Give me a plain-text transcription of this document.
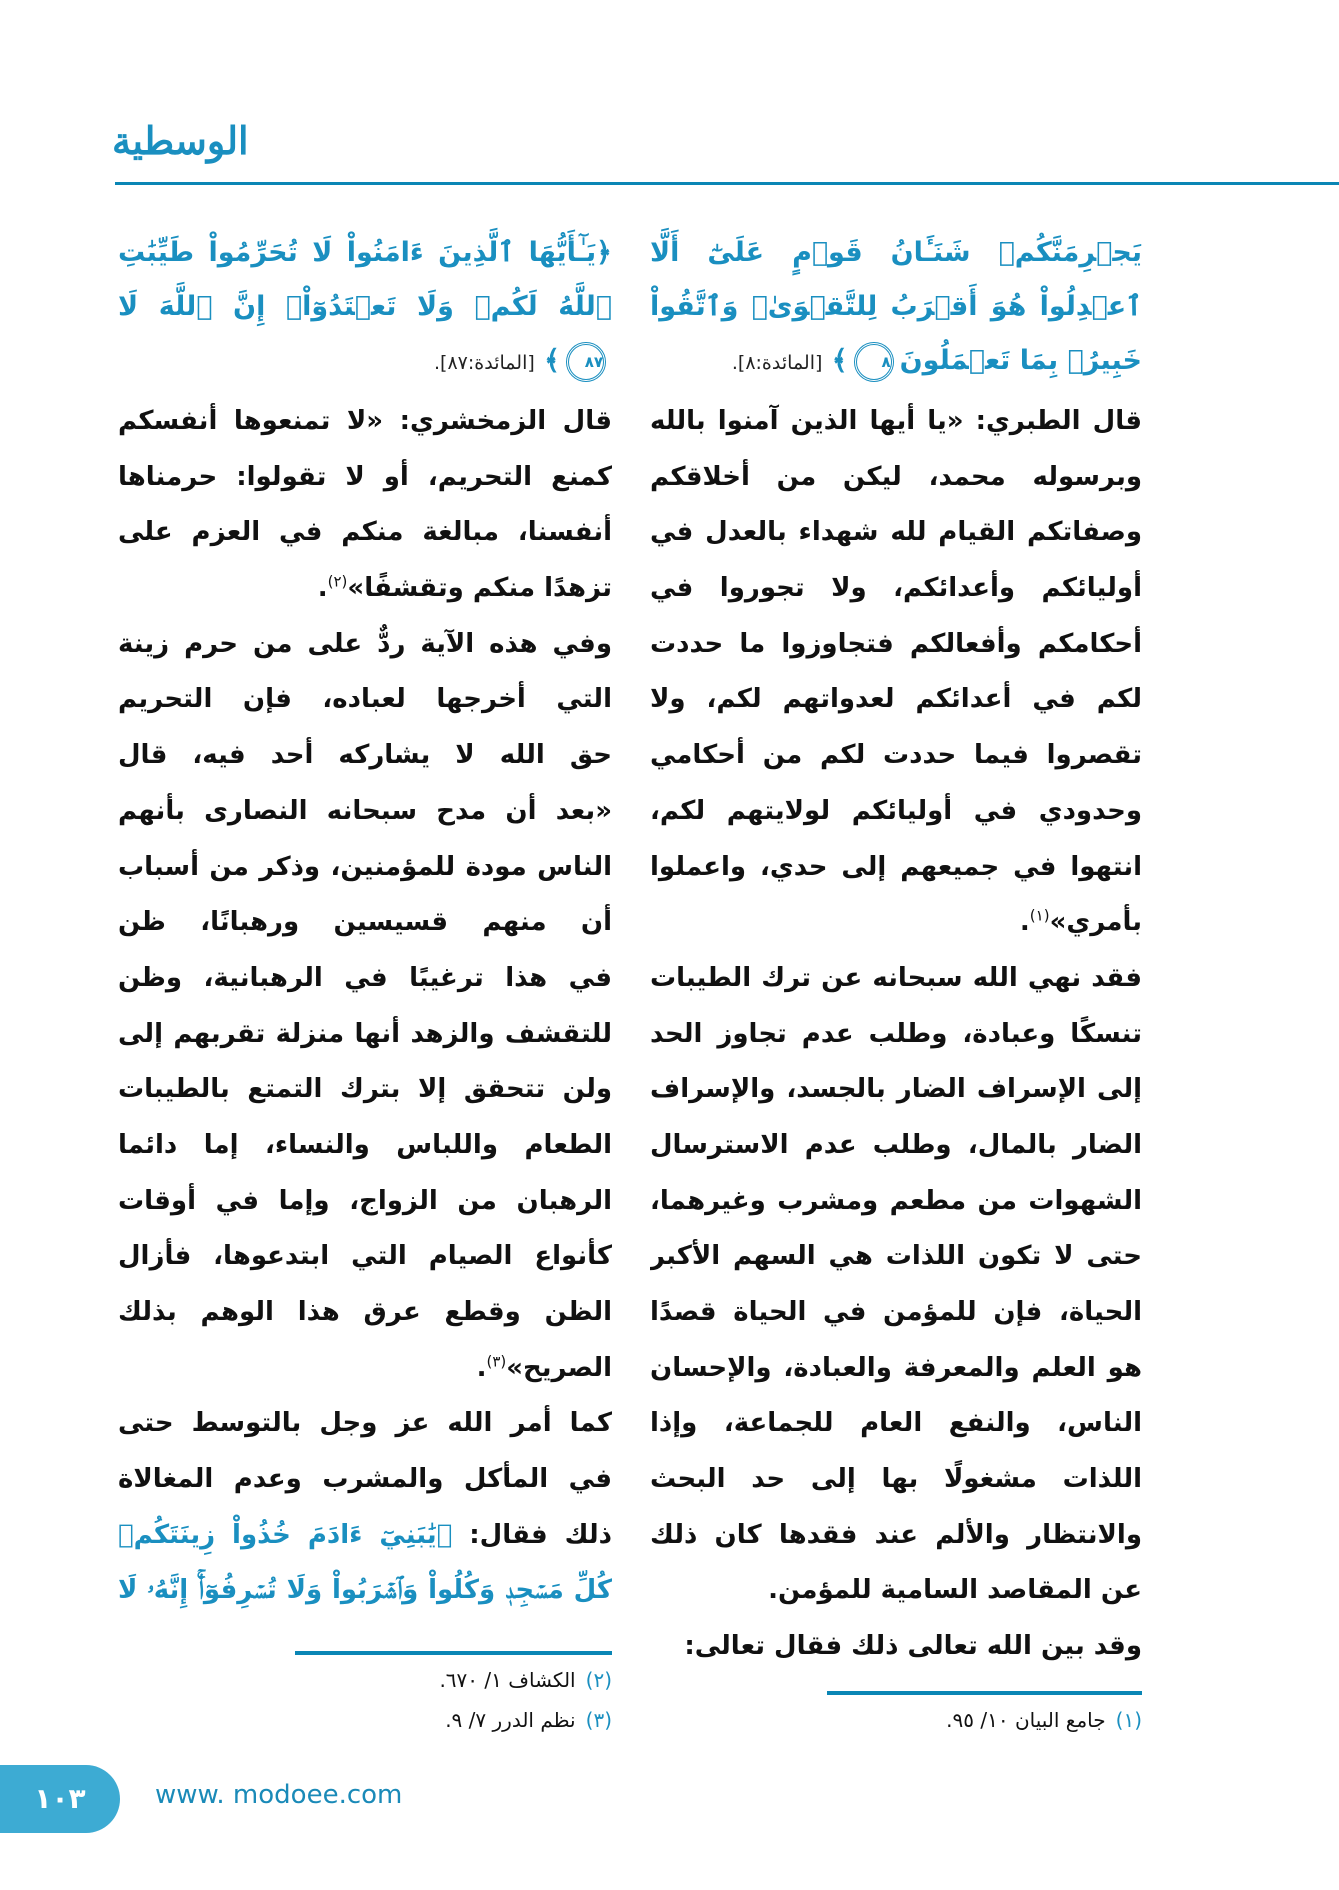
الوسطية
يَجۡرِمَنَّكُمۡ شَنَـَٔانُ قَوۡمٍ عَلَىٰٓ أَلَّا
ٱعۡدِلُواْ هُوَ أَقۡرَبُ لِلتَّقۡوَىٰۖ وَٱتَّقُواْ
خَبِيرُۢ بِمَا تَعۡمَلُونَ٨﴾ [المائدة:٨].
قال الطبري: «يا أيها الذين آمنوا بالله
وبرسوله محمد، ليكن من أخلاقكم
وصفاتكم القيام لله شهداء بالعدل في
أوليائكم وأعدائكم، ولا تجوروا في
أحكامكم وأفعالكم فتجاوزوا ما حددت
لكم في أعدائكم لعدواتهم لكم، ولا
تقصروا فيما حددت لكم من أحكامي
وحدودي في أوليائكم لولايتهم لكم،
انتهوا في جميعهم إلى حدي، واعملوا
بأمري»$^{(١)}$.
فقد نهي الله سبحانه عن ترك الطيبات
تنسكًا وعبادة، وطلب عدم تجاوز الحد
إلى الإسراف الضار بالجسد، والإسراف
الضار بالمال، وطلب عدم الاسترسال
الشهوات من مطعم ومشرب وغيرهما،
حتى لا تكون اللذات هي السهم الأكبر
الحياة، فإن للمؤمن في الحياة قصدًا
هو العلم والمعرفة والعبادة، والإحسان
الناس، والنفع العام للجماعة، وإذا
اللذات مشغولًا بها إلى حد البحث
والانتظار والألم عند فقدها كان ذلك
عن المقاصد السامية للمؤمن.
وقد بين الله تعالى ذلك فقال تعالى:
﴿يَـٰٓأَيُّهَا ٱلَّذِينَ ءَامَنُواْ لَا تُحَرِّمُواْ طَيِّبَٰتِ
ٱللَّهُ لَكُمۡ وَلَا تَعۡتَدُوٓاْۚ إِنَّ ٱللَّهَ لَا
٨٧﴾ [المائدة:٨٧].
قال الزمخشري: «لا تمنعوها أنفسكم
كمنع التحريم، أو لا تقولوا: حرمناها
أنفسنا، مبالغة منكم في العزم على
تزهدًا منكم وتقشفًا»$^{(٢)}$.
وفي هذه الآية ردٌّ على من حرم زينة
التي أخرجها لعباده، فإن التحريم
حق الله لا يشاركه أحد فيه، قال
«بعد أن مدح سبحانه النصارى بأنهم
الناس مودة للمؤمنين، وذكر من أسباب
أن منهم قسيسين ورهبانًا، ظن
في هذا ترغيبًا في الرهبانية، وظن
للتقشف والزهد أنها منزلة تقربهم إلى
ولن تتحقق إلا بترك التمتع بالطيبات
الطعام واللباس والنساء، إما دائما
الرهبان من الزواج، وإما في أوقات
كأنواع الصيام التي ابتدعوها، فأزال
الظن وقطع عرق هذا الوهم بذلك
الصريح»$^{(٣)}$.
كما أمر الله عز وجل بالتوسط حتى
في المأكل والمشرب وعدم المغالاة
ذلك فقال: ﴿يَٰبَنِيٓ ءَادَمَ خُذُواْ زِينَتَكُمۡ
كُلِّ مَسۡجِدٖ وَكُلُواْ وَٱشۡرَبُواْ وَلَا تُسۡرِفُوٓاْۚ إِنَّهُۥ لَا
(١)جامع البيان ١٠/ ٩٥.
(٢)الكشاف ١/ ٦٧٠.
(٣)نظم الدرر ٧/ ٩.
١٠٣	www. modoee.com
